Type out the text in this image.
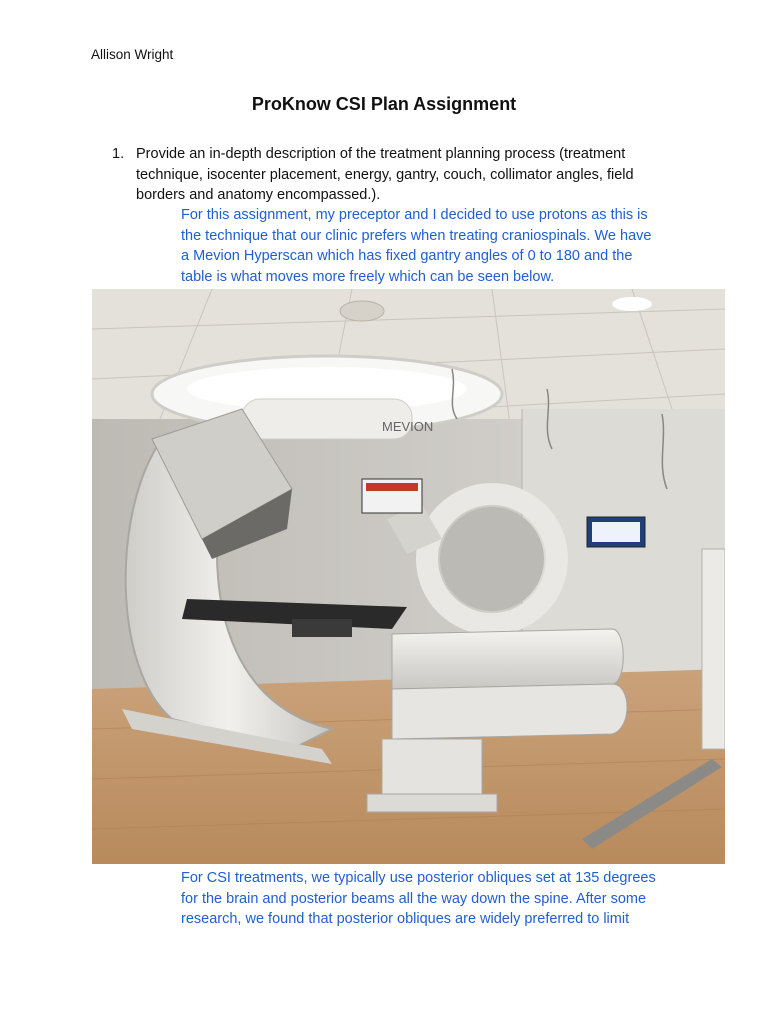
Allison Wright
ProKnow CSI Plan Assignment
1. Provide an in-depth description of the treatment planning process (treatment
technique, isocenter placement, energy, gantry, couch, collimator angles, field
borders and anatomy encompassed.).
For this assignment, my preceptor and I decided to use protons as this is
the technique that our clinic prefers when treating craniospinals. We have
a Mevion Hyperscan which has fixed gantry angles of 0 to 180 and the
table is what moves more freely which can be seen below.
MEVION
For CSI treatments, we typically use posterior obliques set at 135 degrees
for the brain and posterior beams all the way down the spine. After some
research, we found that posterior obliques are widely preferred to limit
